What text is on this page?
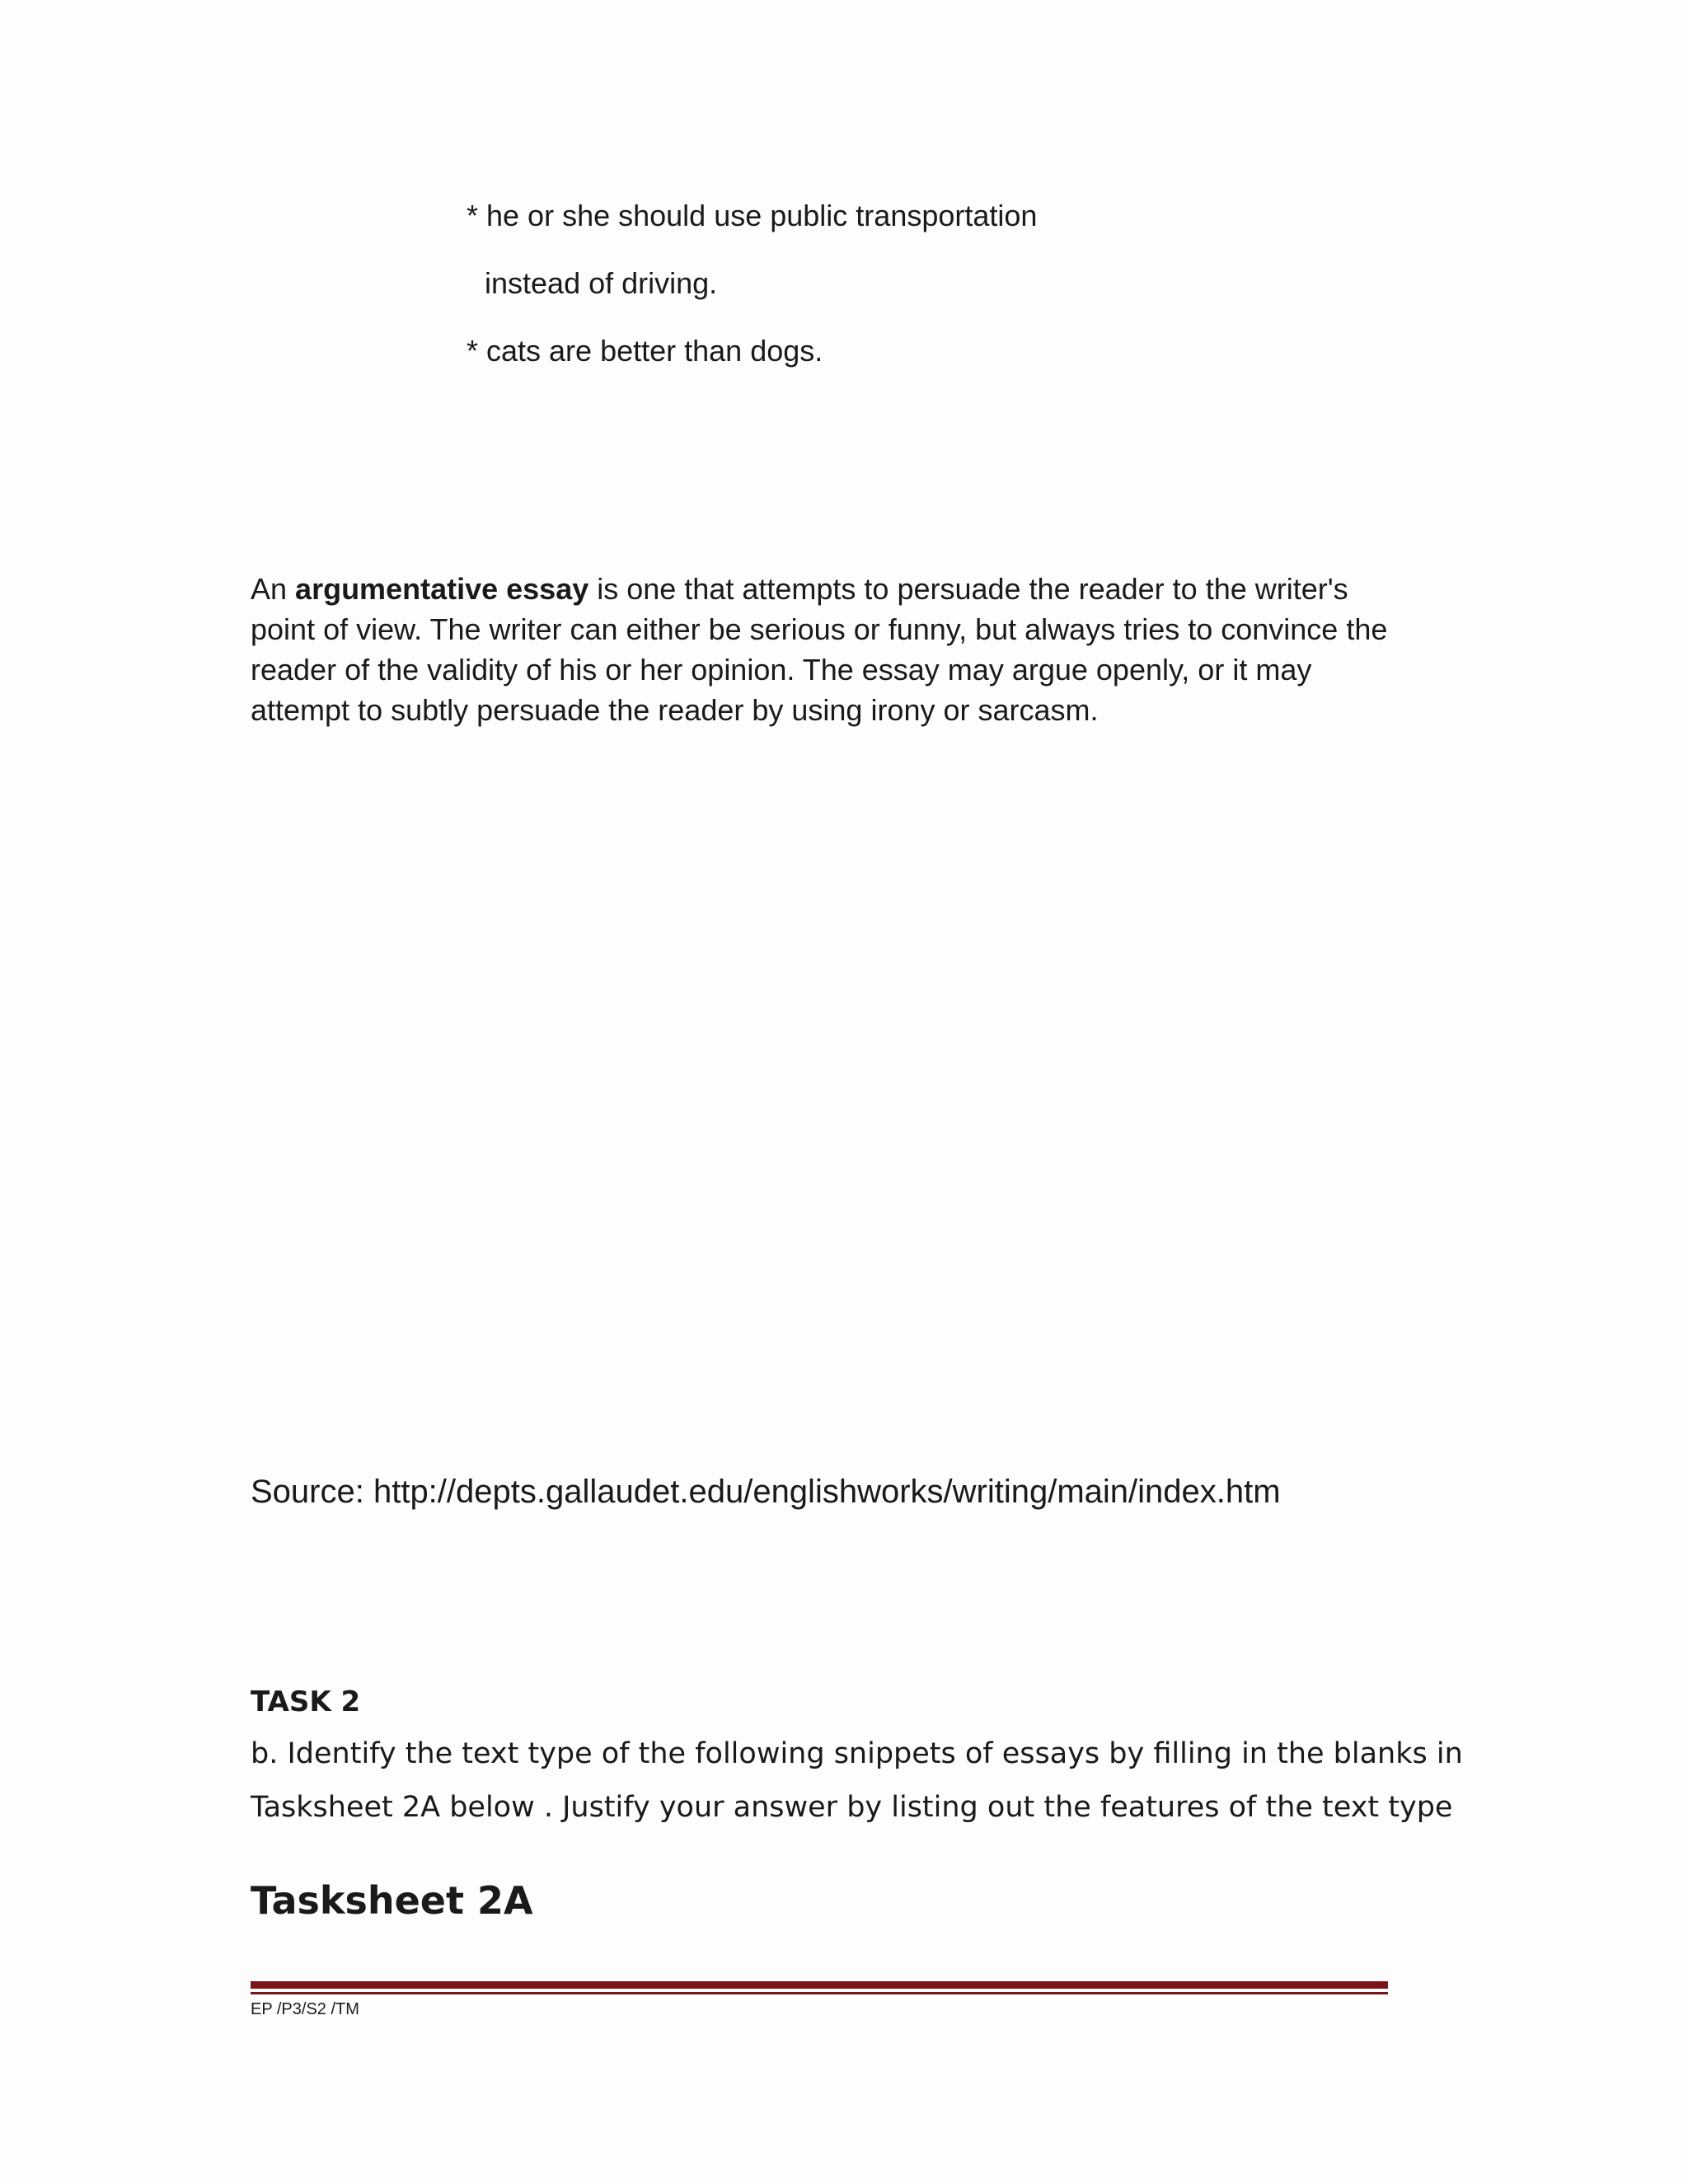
* he or she should use public transportation
instead of driving.
* cats are better than dogs.
An argumentative essay is one that attempts to persuade the reader to the writer's
point of view. The writer can either be serious or funny, but always tries to convince the
reader of the validity of his or her opinion. The essay may argue openly, or it may
attempt to subtly persuade the reader by using irony or sarcasm.
Source: http://depts.gallaudet.edu/englishworks/writing/main/index.htm
TASK 2
b. Identify the text type of the following snippets of essays by filling in the blanks in
Tasksheet 2A below . Justify your answer by listing out the features of the text type
Tasksheet 2A
EP /P3/S2 /TM
